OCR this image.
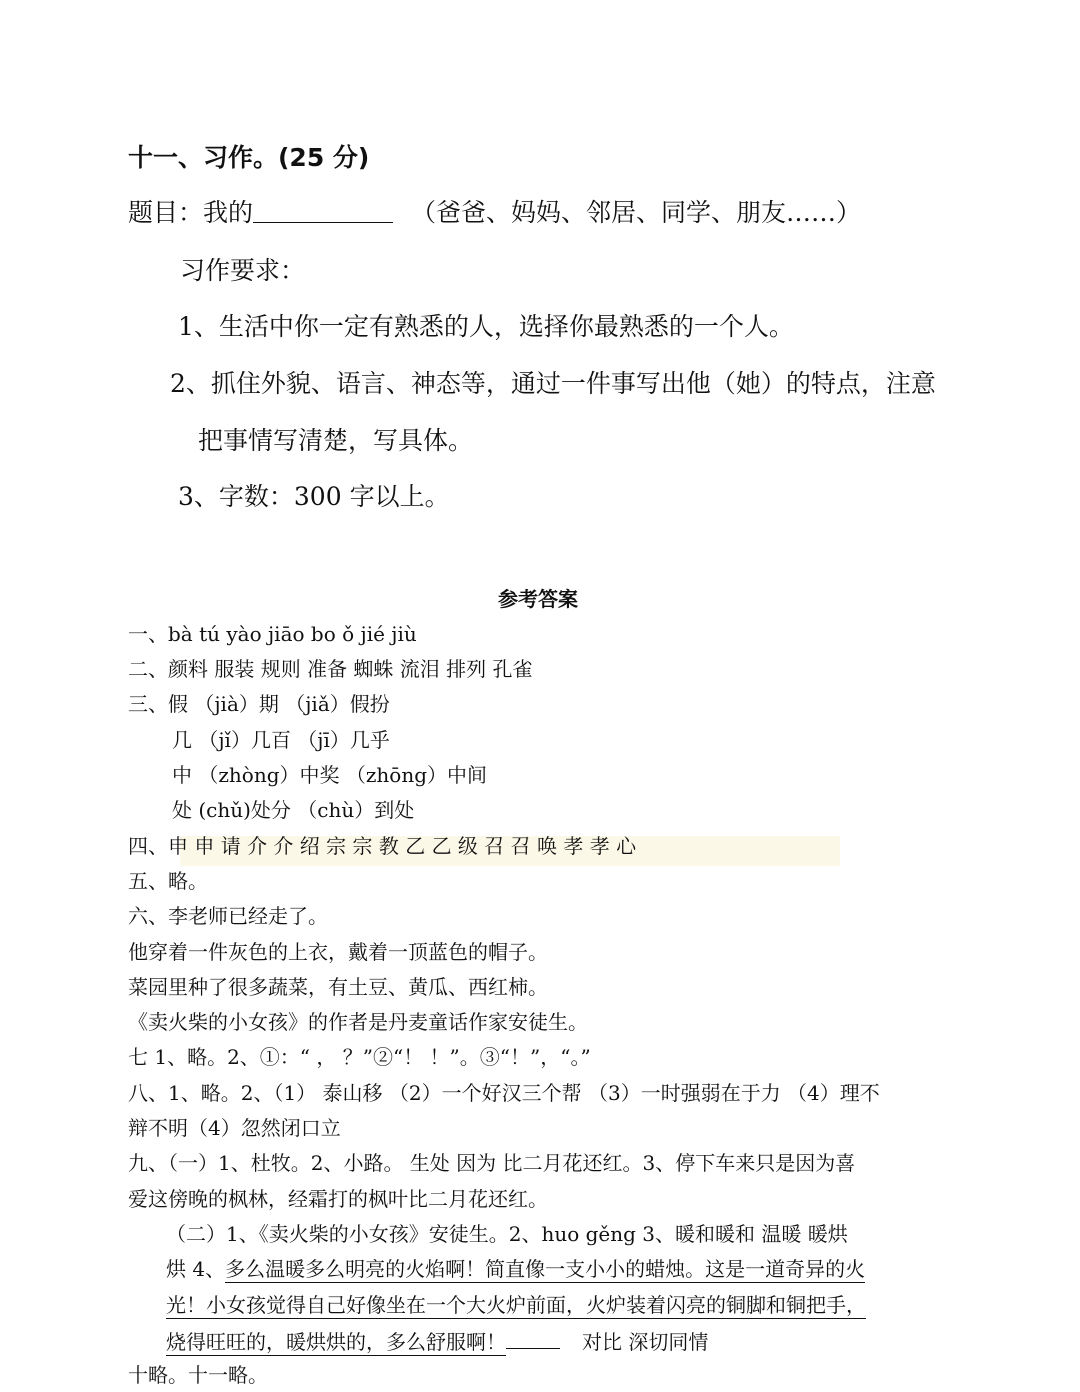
十一、习作。(25 分)
题目：我的	（爸爸、妈妈、邻居、同学、朋友……）
习作要求：
1、生活中你一定有熟悉的人，选择你最熟悉的一个人。
2、抓住外貌、语言、神态等，通过一件事写出他（她）的特点，注意
把事情写清楚，写具体。
3、字数：300 字以上。
参考答案
一、bà tú yào jiāo bo ǒ jié jiù
二、颜料 服装 规则 准备 蜘蛛 流泪 排列 孔雀
三、假 （jià）期 （jiǎ）假扮
几 （jǐ）几百 （jī）几乎
中 （zhòng）中奖 （zhōng）中间
处 (chǔ)处分 （chù）到处
四、申 申 请 介 介 绍 宗 宗 教 乙 乙 级 召 召 唤 孝 孝 心
五、略。
六、李老师已经走了。
他穿着一件灰色的上衣，戴着一顶蓝色的帽子。
菜园里种了很多蔬菜，有土豆、黄瓜、西红柿。
《卖火柴的小女孩》的作者是丹麦童话作家安徒生。
七 1、略。2、①：“ ， ？”②“！ ！”。③“！”，“。”
八、1、略。2、（1） 泰山移 （2）一个好汉三个帮 （3）一时强弱在于力 （4）理不
辩不明（4）忽然闭口立
九、（一）1、杜牧。2、小路。 生处 因为 比二月花还红。3、停下车来只是因为喜
爱这傍晚的枫林，经霜打的枫叶比二月花还红。
（二）1、《卖火柴的小女孩》安徒生。2、huo gěng 3、暖和暖和 温暖 暖烘
烘 4、多么温暖多么明亮的火焰啊！简直像一支小小的蜡烛。这是一道奇异的火
光！小女孩觉得自己好像坐在一个大火炉前面，火炉装着闪亮的铜脚和铜把手，
烧得旺旺的，暖烘烘的，多么舒服啊！	对比 深切同情
十略。十一略。
